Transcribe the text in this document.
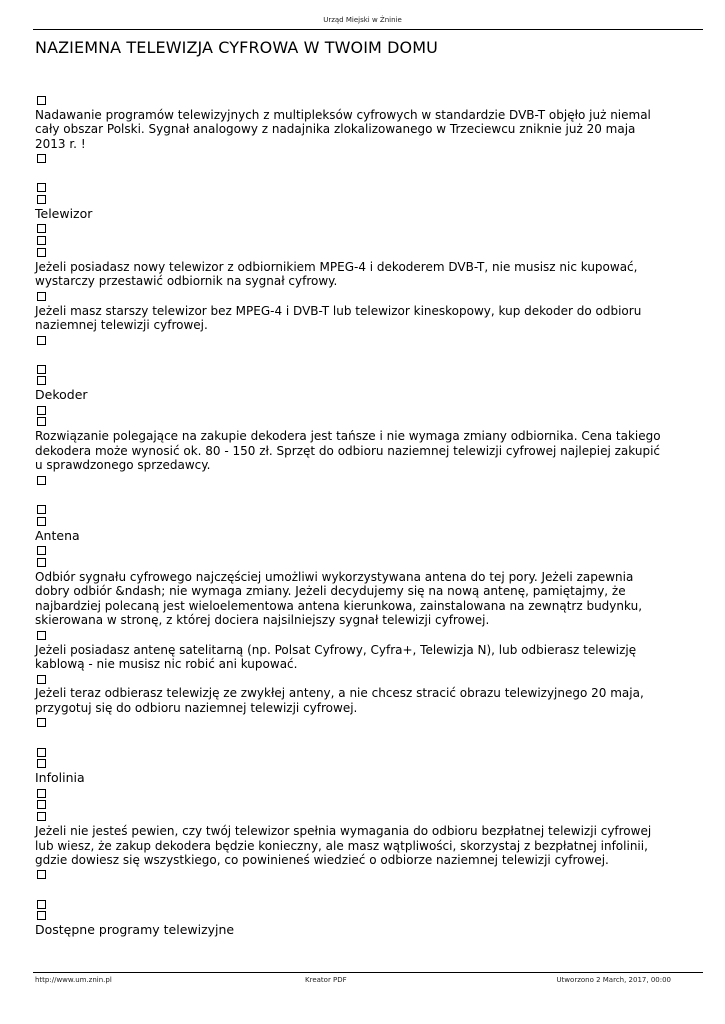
Urząd Miejski w Żninie
NAZIEMNA TELEWIZJA CYFROWA W TWOIM DOMU
Nadawanie programów telewizyjnych z multipleksów cyfrowych w standardzie DVB-T objęło już niemal
cały obszar Polski. Sygnał analogowy z nadajnika zlokalizowanego w Trzeciewcu zniknie już 20 maja
2013 r. !
Telewizor
Jeżeli posiadasz nowy telewizor z odbiornikiem MPEG-4 i dekoderem DVB-T, nie musisz nic kupować,
wystarczy przestawić odbiornik na sygnał cyfrowy.
Jeżeli masz starszy telewizor bez MPEG-4 i DVB-T lub telewizor kineskopowy, kup dekoder do odbioru
naziemnej telewizji cyfrowej.
Dekoder
Rozwiązanie polegające na zakupie dekodera jest tańsze i nie wymaga zmiany odbiornika. Cena takiego
dekodera może wynosić ok. 80 - 150 zł. Sprzęt do odbioru naziemnej telewizji cyfrowej najlepiej zakupić
u sprawdzonego sprzedawcy.
Antena
Odbiór sygnału cyfrowego najczęściej umożliwi wykorzystywana antena do tej pory. Jeżeli zapewnia
dobry odbiór &ndash; nie wymaga zmiany. Jeżeli decydujemy się na nową antenę, pamiętajmy, że
najbardziej polecaną jest wieloelementowa antena kierunkowa, zainstalowana na zewnątrz budynku,
skierowana w stronę, z której dociera najsilniejszy sygnał telewizji cyfrowej.
Jeżeli posiadasz antenę satelitarną (np. Polsat Cyfrowy, Cyfra+, Telewizja N), lub odbierasz telewizję
kablową - nie musisz nic robić ani kupować.
Jeżeli teraz odbierasz telewizję ze zwykłej anteny, a nie chcesz stracić obrazu telewizyjnego 20 maja,
przygotuj się do odbioru naziemnej telewizji cyfrowej.
Infolinia
Jeżeli nie jesteś pewien, czy twój telewizor spełnia wymagania do odbioru bezpłatnej telewizji cyfrowej
lub wiesz, że zakup dekodera będzie konieczny, ale masz wątpliwości, skorzystaj z bezpłatnej infolinii,
gdzie dowiesz się wszystkiego, co powinieneś wiedzieć o odbiorze naziemnej telewizji cyfrowej.
Dostępne programy telewizyjne
http://www.um.znin.pl	Kreator PDF	Utworzono 2 March, 2017, 00:00
